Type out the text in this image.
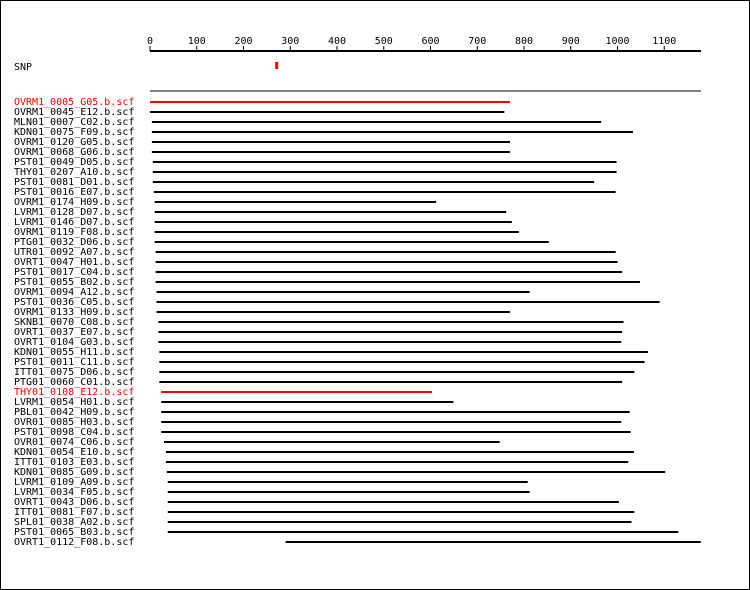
0	100	200	300	400	500	600	700	800	900	1000 1100
SNP
OVRM1_0005_G05.b.scf
OVRM1_0045_E12.b.scf
MLN01_0007_C02.b.scf
KDN01_0075_F09.b.scf
OVRM1_0120_G05.b.scf
OVRM1_0068_G06.b.scf
PST01_0049_D05.b.scf
THY01_0207_A10.b.scf
PST01_0081_D01.b.scf
PST01_0016_E07.b.scf
OVRM1_0174_H09.b.scf
LVRM1_0128_D07.b.scf
LVRM1_0146_D07.b.scf
OVRM1_0119_F08.b.scf
PTG01_0032_D06.b.scf
UTR01_0092_A07.b.scf
OVRT1_0047_H01.b.scf
PST01_0017_C04.b.scf
PST01_0055_B02.b.scf
OVRM1_0094_A12.b.scf
PST01_0036_C05.b.scf
OVRM1_0133_H09.b.scf
SKNB1_0070_C08.b.scf
OVRT1_0037_E07.b.scf
OVRT1_0104_G03.b.scf
KDN01_0055_H11.b.scf
PST01_0011_C11.b.scf
ITT01_0075_D06.b.scf
PTG01_0060_C01.b.scf
THY01_0108_E12.b.scf
LVRM1_0054_H01.b.scf
PBL01_0042_H09.b.scf
OVR01_0085_H03.b.scf
PST01_0098_C04.b.scf
OVR01_0074_C06.b.scf
KDN01_0054_E10.b.scf
ITT01_0103_E03.b.scf
KDN01_0085_G09.b.scf
LVRM1_0109_A09.b.scf
LVRM1_0034_F05.b.scf
OVRT1_0043_D06.b.scf
ITT01_0081_F07.b.scf
SPL01_0038_A02.b.scf
PST01_0065_B03.b.scf
OVRT1_0112_F08.b.scf
